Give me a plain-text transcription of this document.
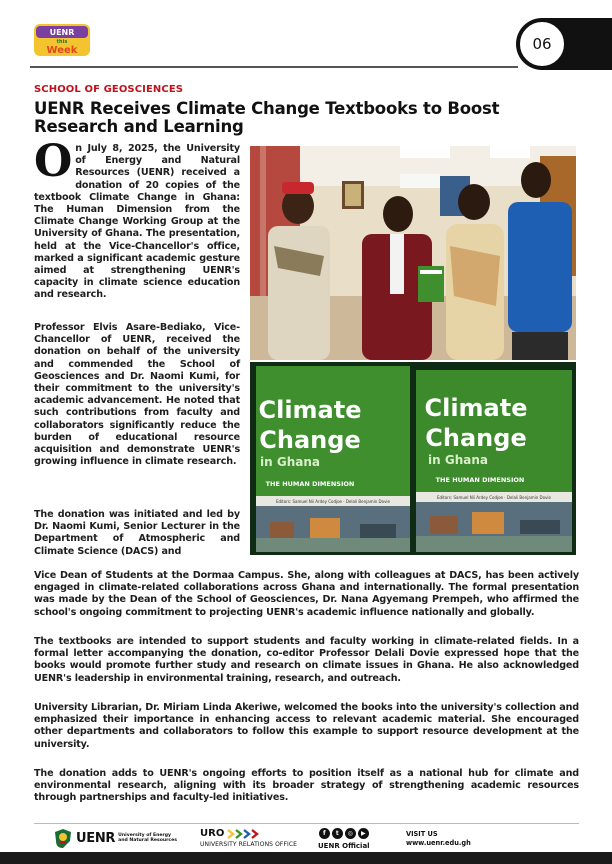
UENR
this
Week	06
SCHOOL OF GEOSCIENCES
UENR Receives Climate Change Textbooks to Boost Research and Learning
On July 8, 2025, the University of Energy and Natural Resources (UENR) received a donation of 20 copies of the textbook Climate Change in Ghana: The Human Dimension from the Climate Change Working Group at the University of Ghana. The presentation, held at the Vice-Chancellor's office, marked a significant academic gesture aimed at strengthening UENR's capacity in climate science education and research.
Professor Elvis Asare-Bediako, Vice-Chancellor of UENR, received the donation on behalf of the university and commended the School of Geosciences and Dr. Naomi Kumi, for their commitment to the university's academic advancement. He noted that such contributions from faculty and collaborators significantly reduce the burden of educational resource acquisition and demonstrate UENR's growing influence in climate research.
The donation was initiated and led by Dr. Naomi Kumi, Senior Lecturer in the Department of Atmospheric and Climate Science (DACS) and
Vice Dean of Students at the Dormaa Campus. She, along with colleagues at DACS, has been actively engaged in climate-related collaborations across Ghana and internationally. The formal presentation was made by the Dean of the School of Geosciences, Dr. Nana Agyemang Prempeh, who affirmed the school's ongoing commitment to projecting UENR's academic influence nationally and globally.
The textbooks are intended to support students and faculty working in climate-related fields. In a formal letter accompanying the donation, co-editor Professor Delali Dovie expressed hope that the books would promote further study and research on climate issues in Ghana. He also acknowledged UENR's leadership in environmental training, research, and outreach.
University Librarian, Dr. Miriam Linda Akeriwe, welcomed the books into the university's collection and emphasized their importance in enhancing access to relevant academic material. She encouraged other departments and collaborators to follow this example to support resource development at the university.
The donation adds to UENR's ongoing efforts to position itself as a national hub for climate and environmental research, aligning with its broader strategy of strengthening academic resources through partnerships and faculty-led initiatives.
Climate
Change
in Ghana
THE HUMAN DIMENSION
Editors: Samuel Nii Ardey Codjoe · Delali Benjamin Dovie
Climate
Change
in Ghana
THE HUMAN DIMENSION
Editors: Samuel Nii Ardey Codjoe · Delali Benjamin Dovie
UENR University of Energy and Natural Resources
URO
UNIVERSITY RELATIONS OFFICE
f	t	◎	▶
UENR Official
VISIT US
www.uenr.edu.gh
